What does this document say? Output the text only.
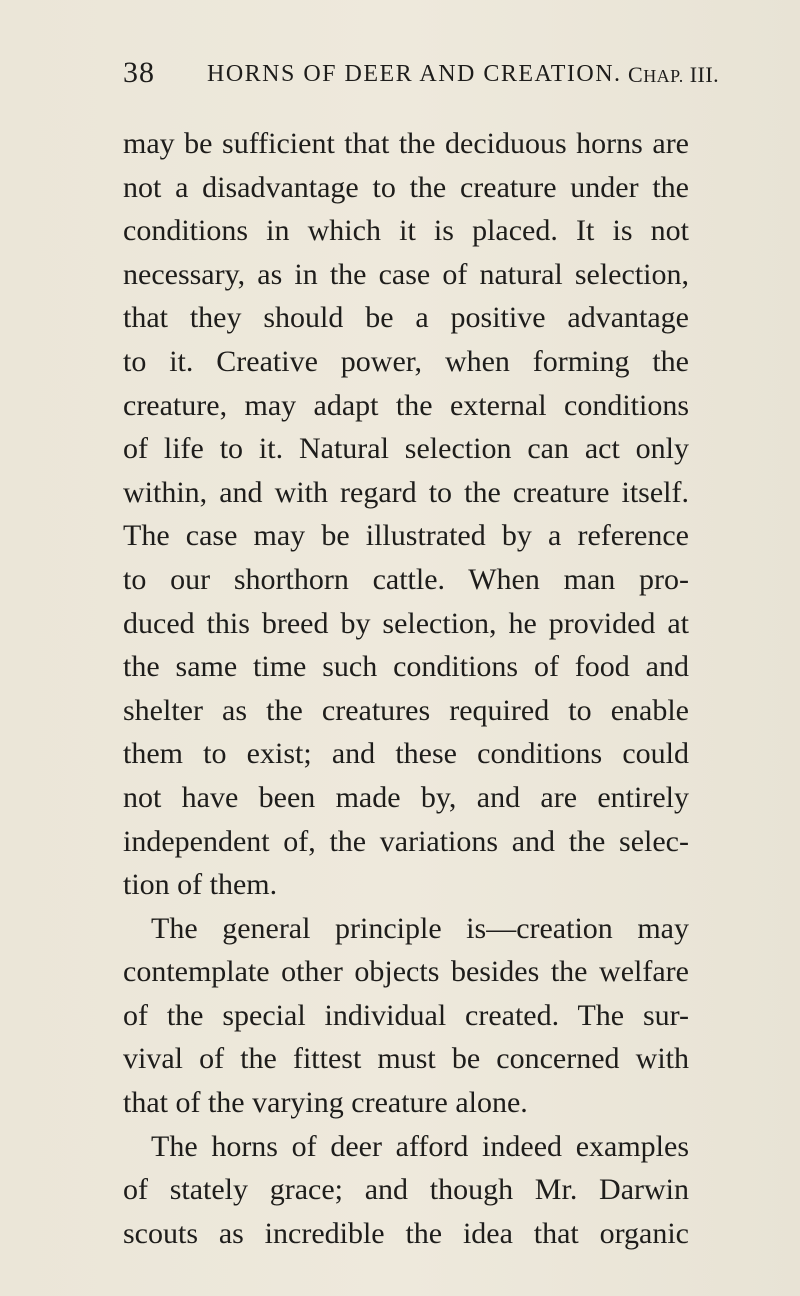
38 HORNS OF DEER AND CREATION. CHAP. III.
may be sufficient that the deciduous horns are
not a disadvantage to the creature under the
conditions in which it is placed. It is not
necessary, as in the case of natural selection,
that they should be a positive advantage
to it. Creative power, when forming the
creature, may adapt the external conditions
of life to it. Natural selection can act only
within, and with regard to the creature itself.
The case may be illustrated by a reference
to our shorthorn cattle. When man pro-
duced this breed by selection, he provided at
the same time such conditions of food and
shelter as the creatures required to enable
them to exist; and these conditions could
not have been made by, and are entirely
independent of, the variations and the selec-
tion of them.
The general principle is—creation may
contemplate other objects besides the welfare
of the special individual created. The sur-
vival of the fittest must be concerned with
that of the varying creature alone.
The horns of deer afford indeed examples
of stately grace; and though Mr. Darwin
scouts as incredible the idea that organic
